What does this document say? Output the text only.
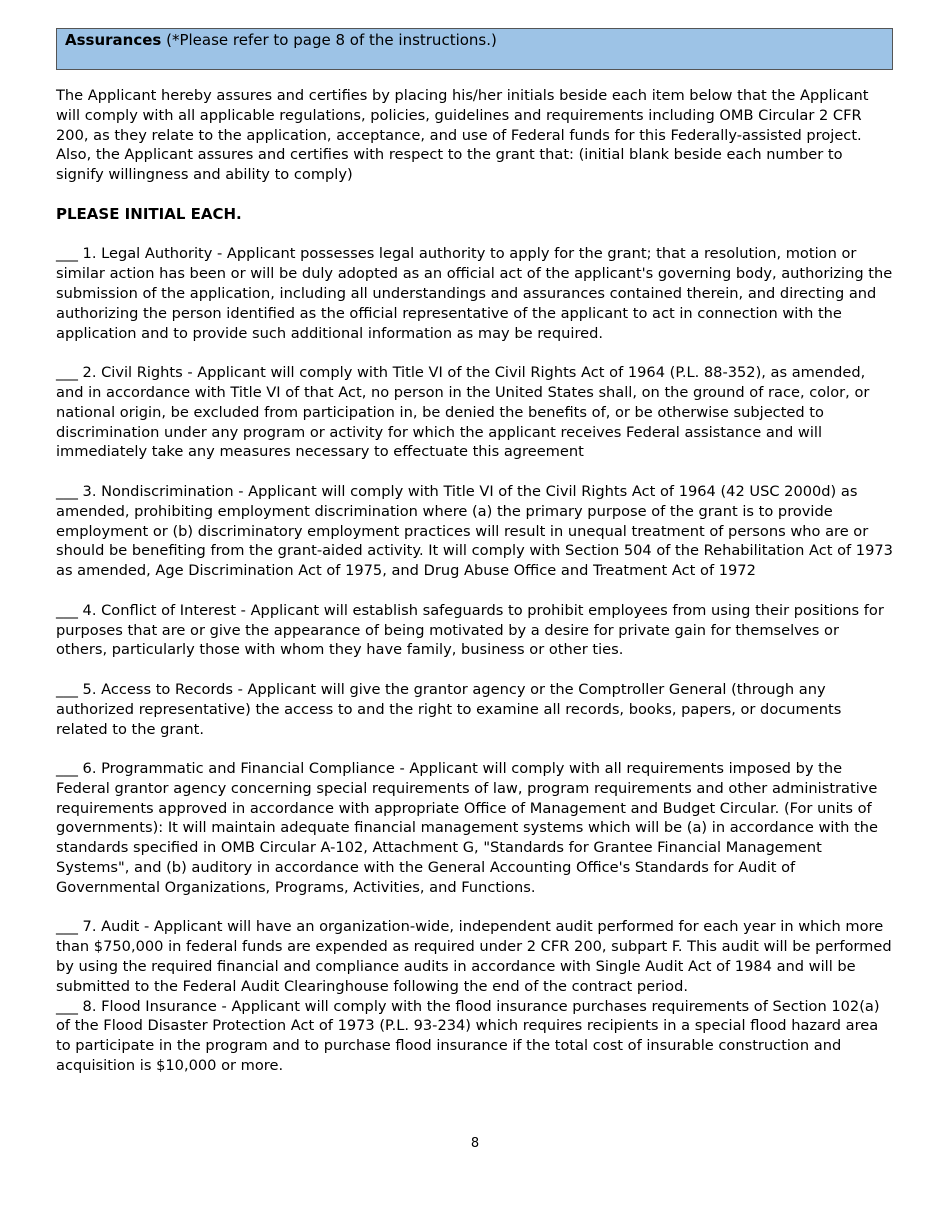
Assurances (*Please refer to page 8 of the instructions.)

The Applicant hereby assures and certifies by placing his/her initials beside each item below that the Applicant will comply with all applicable regulations, policies, guidelines and requirements including OMB Circular 2 CFR 200, as they relate to the application, acceptance, and use of Federal funds for this Federally-assisted project. Also, the Applicant assures and certifies with respect to the grant that: (initial blank beside each number to signify willingness and ability to comply)

PLEASE INITIAL EACH.

___ 1. Legal Authority - Applicant possesses legal authority to apply for the grant; that a resolution, motion or similar action has been or will be duly adopted as an official act of the applicant's governing body, authorizing the submission of the application, including all understandings and assurances contained therein, and directing and authorizing the person identified as the official representative of the applicant to act in connection with the application and to provide such additional information as may be required.

___ 2. Civil Rights - Applicant will comply with Title VI of the Civil Rights Act of 1964 (P.L. 88-352), as amended, and in accordance with Title VI of that Act, no person in the United States shall, on the ground of race, color, or national origin, be excluded from participation in, be denied the benefits of, or be otherwise subjected to discrimination under any program or activity for which the applicant receives Federal assistance and will immediately take any measures necessary to effectuate this agreement

___ 3. Nondiscrimination - Applicant will comply with Title VI of the Civil Rights Act of 1964 (42 USC 2000d) as amended, prohibiting employment discrimination where (a) the primary purpose of the grant is to provide employment or (b) discriminatory employment practices will result in unequal treatment of persons who are or should be benefiting from the grant-aided activity. It will comply with Section 504 of the Rehabilitation Act of 1973 as amended, Age Discrimination Act of 1975, and Drug Abuse Office and Treatment Act of 1972

___ 4. Conflict of Interest - Applicant will establish safeguards to prohibit employees from using their positions for purposes that are or give the appearance of being motivated by a desire for private gain for themselves or others, particularly those with whom they have family, business or other ties.

___ 5. Access to Records - Applicant will give the grantor agency or the Comptroller General (through any authorized representative) the access to and the right to examine all records, books, papers, or documents related to the grant.

___ 6. Programmatic and Financial Compliance - Applicant will comply with all requirements imposed by the Federal grantor agency concerning special requirements of law, program requirements and other administrative requirements approved in accordance with appropriate Office of Management and Budget Circular. (For units of governments): It will maintain adequate financial management systems which will be (a) in accordance with the standards specified in OMB Circular A-102, Attachment G, "Standards for Grantee Financial Management Systems", and (b) auditory in accordance with the General Accounting Office's Standards for Audit of Governmental Organizations, Programs, Activities, and Functions.

___ 7. Audit - Applicant will have an organization-wide, independent audit performed for each year in which more than $750,000 in federal funds are expended as required under 2 CFR 200, subpart F. This audit will be performed by using the required financial and compliance audits in accordance with Single Audit Act of 1984 and will be submitted to the Federal Audit Clearinghouse following the end of the contract period.

___ 8. Flood Insurance - Applicant will comply with the flood insurance purchases requirements of Section 102(a) of the Flood Disaster Protection Act of 1973 (P.L. 93-234) which requires recipients in a special flood hazard area to participate in the program and to purchase flood insurance if the total cost of insurable construction and acquisition is $10,000 or more.

8
